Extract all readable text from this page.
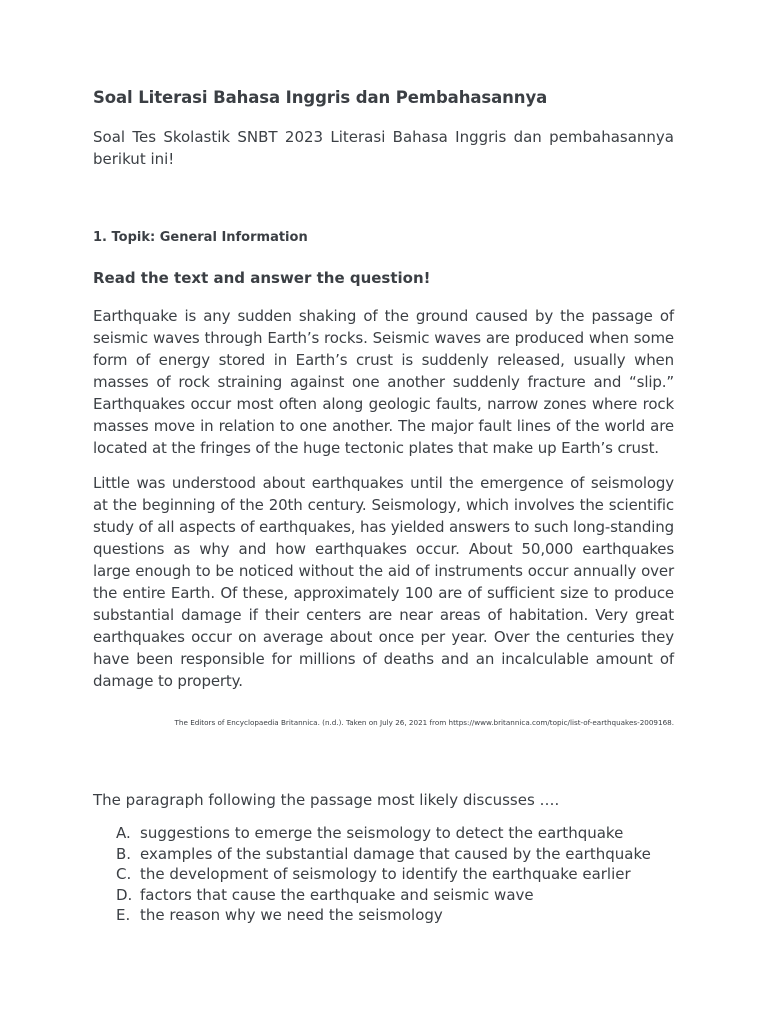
Soal Literasi Bahasa Inggris dan Pembahasannya

Soal Tes Skolastik SNBT 2023 Literasi Bahasa Inggris dan pembahasannya berikut ini!

1. Topik: General Information

Read the text and answer the question!

Earthquake is any sudden shaking of the ground caused by the passage of seismic waves through Earth’s rocks. Seismic waves are produced when some form of energy stored in Earth’s crust is suddenly released, usually when masses of rock straining against one another suddenly fracture and “slip.” Earthquakes occur most often along geologic faults, narrow zones where rock masses move in relation to one another. The major fault lines of the world are located at the fringes of the huge tectonic plates that make up Earth’s crust.

Little was understood about earthquakes until the emergence of seismology at the beginning of the 20th century. Seismology, which involves the scientific study of all aspects of earthquakes, has yielded answers to such long-standing questions as why and how earthquakes occur. About 50,000 earthquakes large enough to be noticed without the aid of instruments occur annually over the entire Earth. Of these, approximately 100 are of sufficient size to produce substantial damage if their centers are near areas of habitation. Very great earthquakes occur on average about once per year. Over the centuries they have been responsible for millions of deaths and an incalculable amount of damage to property.

The Editors of Encyclopaedia Britannica. (n.d.). Taken on July 26, 2021 from https://www.britannica.com/topic/list-of-earthquakes-2009168.

The paragraph following the passage most likely discusses ….

A. suggestions to emerge the seismology to detect the earthquake
B. examples of the substantial damage that caused by the earthquake
C. the development of seismology to identify the earthquake earlier
D. factors that cause the earthquake and seismic wave
E. the reason why we need the seismology
